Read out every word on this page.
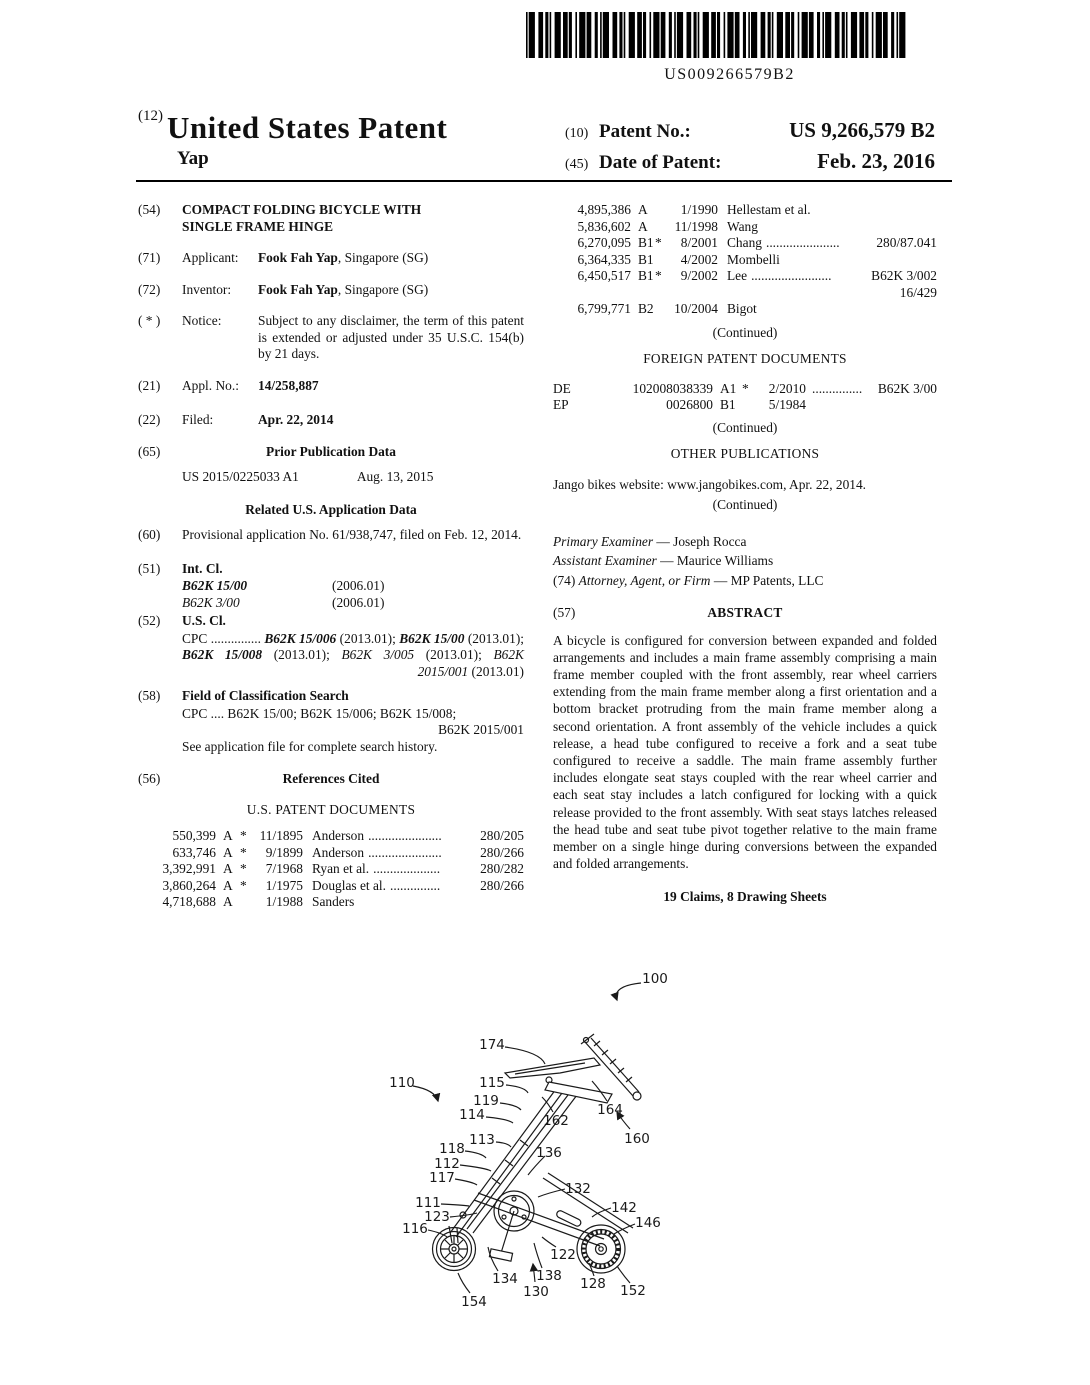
US009266579B2
(12) United States Patent
Yap
(10) Patent No.:	US 9,266,579 B2
(45) Date of Patent:	Feb. 23, 2016
(54)	COMPACT FOLDING BICYCLE WITH SINGLE FRAME HINGE
(71)	Applicant:	Fook Fah Yap, Singapore (SG)
(72)	Inventor:	Fook Fah Yap, Singapore (SG)
( * )	Notice:	Subject to any disclaimer, the term of this patent is extended or adjusted under 35 U.S.C. 154(b) by 21 days.
(21)	Appl. No.:	14/258,887
(22)	Filed:	Apr. 22, 2014
(65)	Prior Publication Data
US 2015/0225033 A1	Aug. 13, 2015
Related U.S. Application Data
(60)	Provisional application No. 61/938,747, filed on Feb. 12, 2014.
(51)	Int. Cl.
B62K 15/00	(2006.01)
B62K 3/00	(2006.01)
(52)	U.S. Cl.
CPC ............... B62K 15/006 (2013.01); B62K 15/00 (2013.01); B62K 15/008 (2013.01); B62K 3/005 (2013.01); B62K 2015/001 (2013.01)
(58)	Field of Classification Search
CPC .... B62K 15/00; B62K 15/006; B62K 15/008;
B62K 2015/001
See application file for complete search history.
(56)	References Cited
U.S. PATENT DOCUMENTS
550,399 A * 11/1895 Anderson ......................	280/205
633,746 A *	9/1899 Anderson ......................	280/266
3,392,991 A *	7/1968 Ryan et al. ....................	280/282
3,860,264 A *	1/1975 Douglas et al. ...............	280/266
4,718,688 A	1/1988 Sanders
4,895,386 A	1/1990 Hellestam et al.
5,836,602 A	11/1998 Wang
6,270,095 B1 *	8/2001 Chang ......................	280/87.041
6,364,335 B1	4/2002 Mombelli
6,450,517 B1 *	9/2002 Lee ........................	B62K 3/002
16/429
6,799,771 B2	10/2004 Bigot
(Continued)
FOREIGN PATENT DOCUMENTS
DE	102008038339 A1 *	2/2010 ...............	B62K 3/00
EP	0026800 B1	5/1984
(Continued)
OTHER PUBLICATIONS
Jango bikes website: www.jangobikes.com, Apr. 22, 2014.
(Continued)
Primary Examiner — Joseph Rocca
Assistant Examiner — Maurice Williams
(74) Attorney, Agent, or Firm — MP Patents, LLC
(57)	ABSTRACT
A bicycle is configured for conversion between expanded and folded arrangements and includes a main frame assembly comprising a main frame member coupled with the front assembly, rear wheel carriers extending from the main frame member along a first orientation and a bottom bracket protruding from the main frame member along a second orientation. A front assembly of the vehicle includes a quick release, a head tube configured to receive a fork and a seat tube configured to receive a saddle. The main frame assembly further includes elongate seat stays coupled with the rear wheel carrier and each seat stay includes a latch configured for locking with a quick release provided to the front assembly. With seat stays latches released the head tube and seat tube pivot together relative to the main frame member on a single hinge during conversions between the expanded and folded arrangements.
19 Claims, 8 Drawing Sheets
100
174
110	115
119
114
113
118
112
117
111
123
116
136
162
164
160
132
142
146
122
134 138
130 128 152
154
